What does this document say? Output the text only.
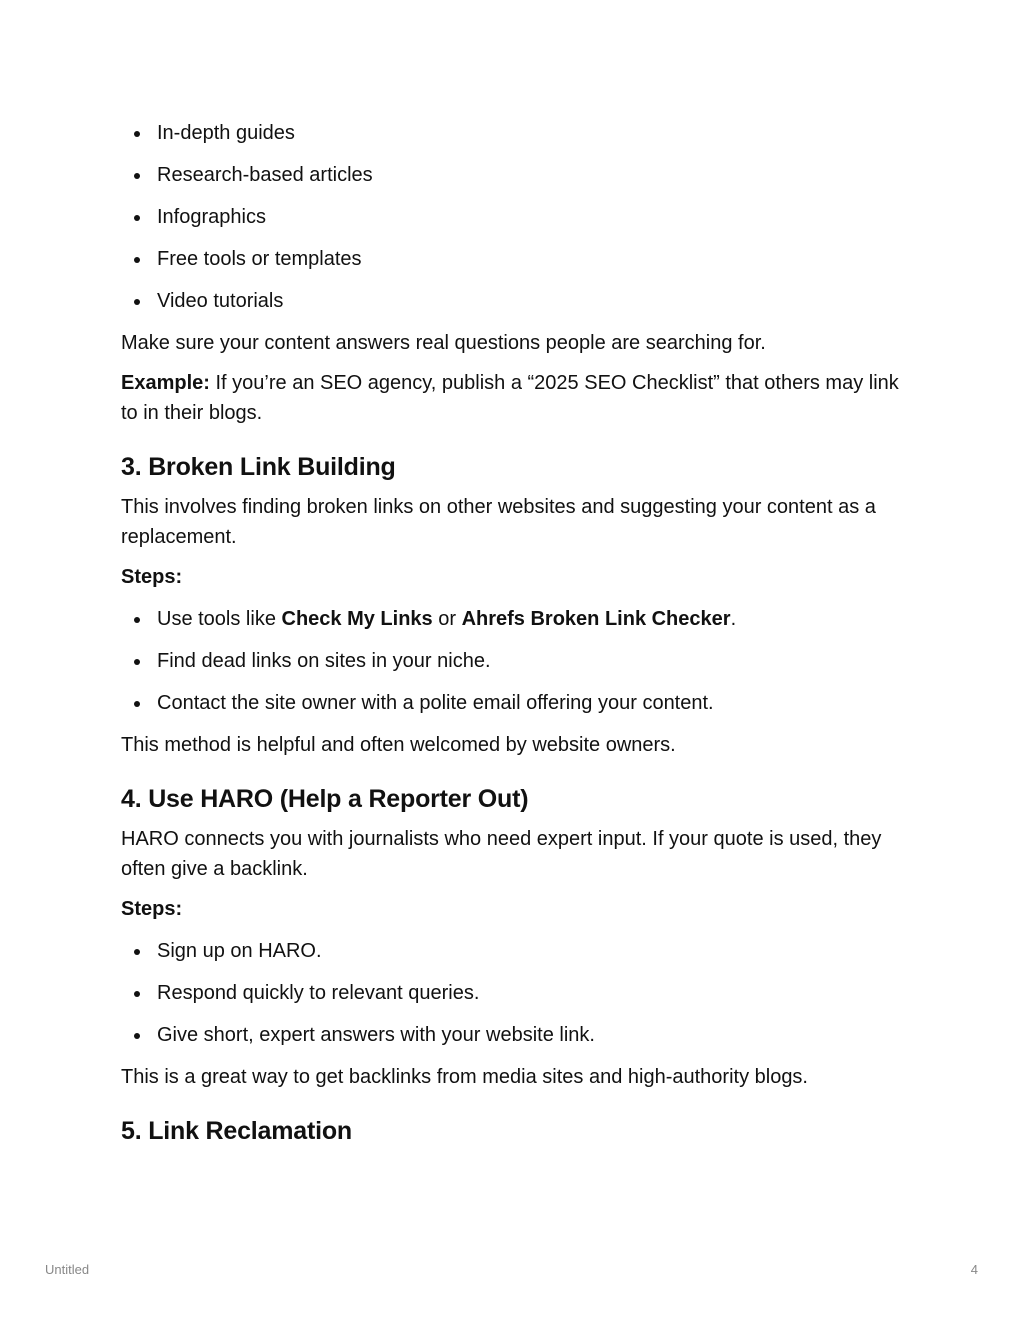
In-depth guides
Research-based articles
Infographics
Free tools or templates
Video tutorials

Make sure your content answers real questions people are searching for.

Example: If you’re an SEO agency, publish a “2025 SEO Checklist” that others may link to in their blogs.

3. Broken Link Building

This involves finding broken links on other websites and suggesting your content as a replacement.

Steps:

Use tools like Check My Links or Ahrefs Broken Link Checker.
Find dead links on sites in your niche.
Contact the site owner with a polite email offering your content.

This method is helpful and often welcomed by website owners.

4. Use HARO (Help a Reporter Out)

HARO connects you with journalists who need expert input. If your quote is used, they often give a backlink.

Steps:

Sign up on HARO.
Respond quickly to relevant queries.
Give short, expert answers with your website link.

This is a great way to get backlinks from media sites and high-authority blogs.

5. Link Reclamation
Untitled	4
